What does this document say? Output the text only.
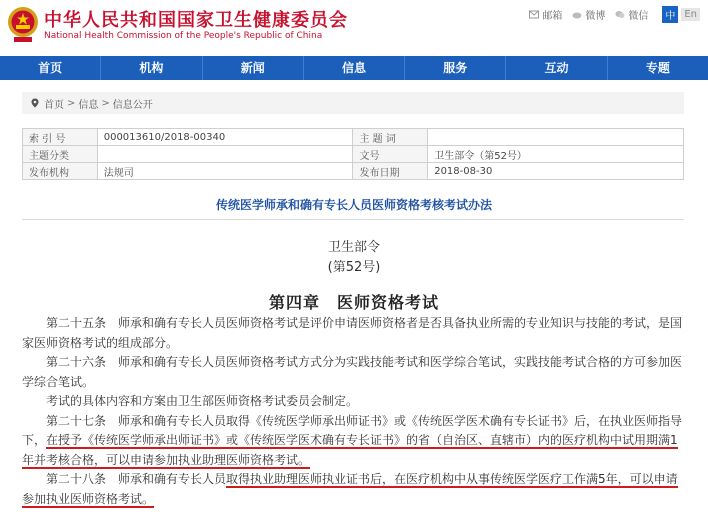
中华人民共和国国家卫生健康委员会
National Health Commission of the People's Republic of China
邮箱 微博 微信	中 En
首页	机构	新闻	信息	服务	互动	专题
首页 > 信息 > 信息公开
索 引 号	000013610/2018-00340	主 题 词	
主题分类		文号	卫生部令（第52号）
发布机构	法规司	发布日期	2018-08-30
传统医学师承和确有专长人员医师资格考核考试办法
卫生部令
(第52号)
第四章　医师资格考试

第二十五条　师承和确有专长人员医师资格考试是评价申请医师资格者是否具备执业所需的专业知识与技能的考试，是国家医师资格考试的组成部分。

第二十六条　师承和确有专长人员医师资格考试方式分为实践技能考试和医学综合笔试，实践技能考试合格的方可参加医学综合笔试。

考试的具体内容和方案由卫生部医师资格考试委员会制定。

第二十七条　师承和确有专长人员取得《传统医学师承出师证书》或《传统医学医术确有专长证书》后，在执业医师指导下，在授予《传统医学师承出师证书》或《传统医学医术确有专长证书》的省（自治区、直辖市）内的医疗机构中试用期满1年并考核合格，可以申请参加执业助理医师资格考试。

第二十八条　师承和确有专长人员取得执业助理医师执业证书后，在医疗机构中从事传统医学医疗工作满5年，可以申请参加执业医师资格考试。
